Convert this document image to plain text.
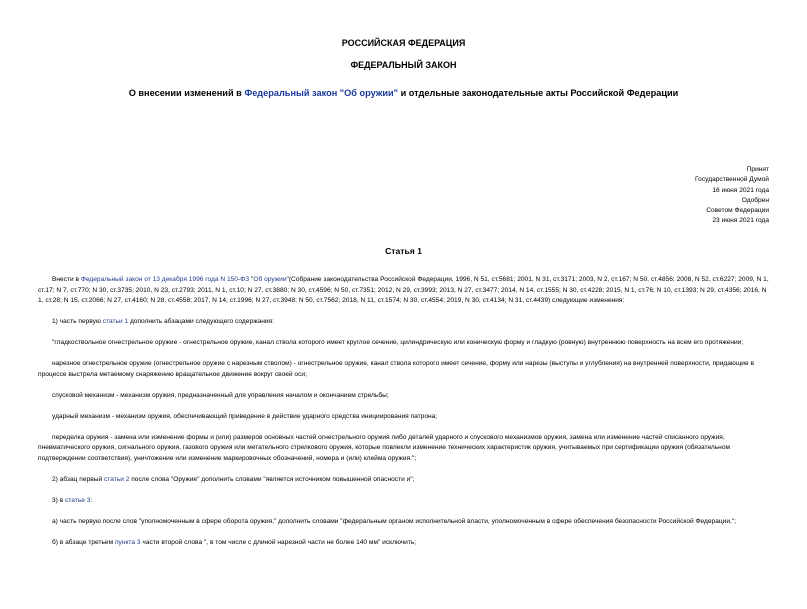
РОССИЙСКАЯ ФЕДЕРАЦИЯ
ФЕДЕРАЛЬНЫЙ ЗАКОН
О внесении изменений в Федеральный закон "Об оружии" и отдельные законодательные акты Российской Федерации
Принят
Государственной Думой
16 июня 2021 года
Одобрен
Советом Федерации
23 июня 2021 года
Статья 1

Внести в Федеральный закон от 13 декабря 1996 года N 150-ФЗ "Об оружии"(Собрание законодательства Российской Федерации, 1996, N 51, ст.5681; 2001, N 31, ст.3171; 2003, N 2, ст.167; N 50, ст.4856; 2008, N 52, ст.6227; 2009, N 1, ст.17; N 7, ст.770; N 30, ст.3735; 2010, N 23, ст.2793; 2011, N 1, ст.10; N 27, ст.3880; N 30, ст.4596; N 50, ст.7351; 2012, N 29, ст.3993; 2013, N 27, ст.3477; 2014, N 14, ст.1555; N 30, ст.4228; 2015, N 1, ст.76; N 10, ст.1393; N 29, ст.4356; 2016, N 1, ст.28; N 15, ст.2066; N 27, ст.4160; N 28, ст.4558; 2017, N 14, ст.1996; N 27, ст.3948; N 50, ст.7562; 2018, N 11, ст.1574; N 30, ст.4554; 2019, N 30, ст.4134; N 31, ст.4439) следующие изменения:

1) часть первую статьи 1 дополнить абзацами следующего содержания:

"гладкоствольное огнестрельное оружие - огнестрельное оружие, канал ствола которого имеет круглое сечение, цилиндрическую или коническую форму и гладкую (ровную) внутреннюю поверхность на всем его протяжении;

нарезное огнестрельное оружие (огнестрельное оружие с нарезным стволом) - огнестрельное оружие, канал ствола которого имеет сечение, форму или нарезы (выступы и углубления) на внутренней поверхности, придающие в процессе выстрела метаемому снаряжению вращательное движение вокруг своей оси;

спусковой механизм - механизм оружия, предназначенный для управления началом и окончанием стрельбы;

ударный механизм - механизм оружия, обеспечивающий приведение в действие ударного средства инициирования патрона;

переделка оружия - замена или изменение формы и (или) размеров основных частей огнестрельного оружия либо деталей ударного и спускового механизмов оружия, замена или изменение частей списанного оружия, пневматического оружия, сигнального оружия, газового оружия или метательного стрелкового оружия, которые повлекли изменение технических характеристик оружия, учитываемых при сертификации оружия (обязательном подтверждении соответствия), уничтожение или изменение маркировочных обозначений, номера и (или) клейма оружия.";

2) абзац первый статьи 2 после слова "Оружие" дополнить словами "является источником повышенной опасности и";

3) в статье 3:

а) часть первую после слов "уполномоченным в сфере оборота оружия," дополнить словами "федеральным органом исполнительной власти, уполномоченным в сфере обеспечения безопасности Российской Федерации,";

б) в абзаце третьем пункта 3 части второй слова ", в том числе с длиной нарезной части не более 140 мм" исключить;
